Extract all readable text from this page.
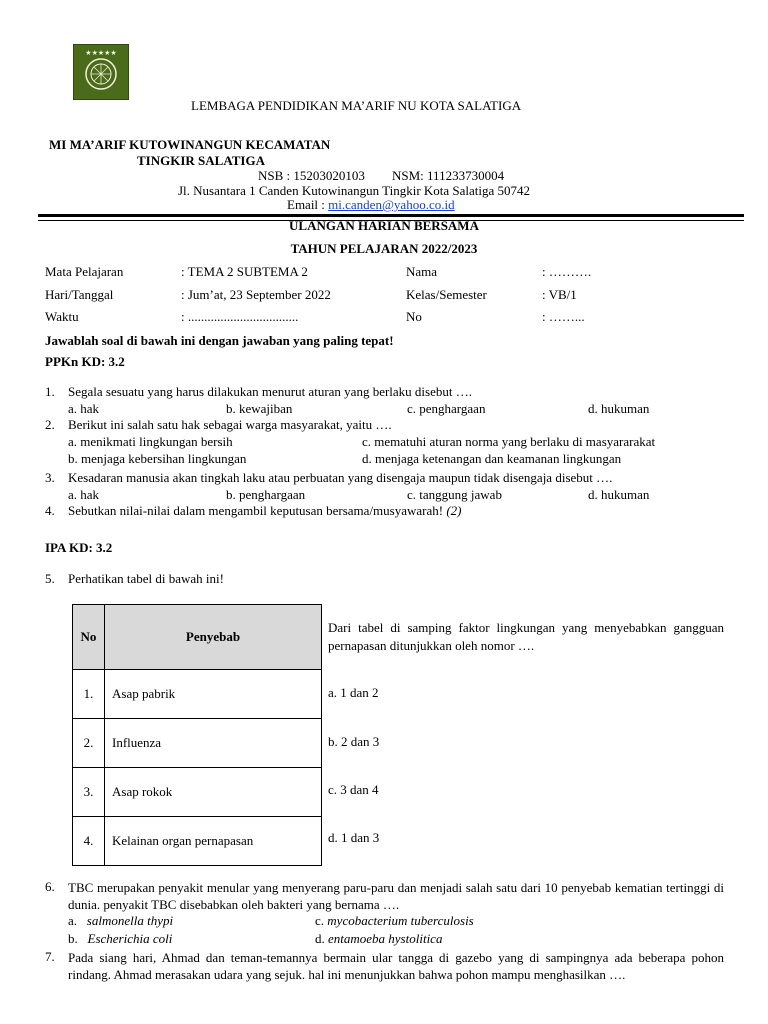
★★★★★
LEMBAGA PENDIDIKAN MA’ARIF NU KOTA SALATIGA
MI MA’ARIF KUTOWINANGUN KECAMATAN
TINGKIR SALATIGA
NSB : 15203020103 NSM: 111233730004
Jl. Nusantara 1 Canden Kutowinangun Tingkir Kota Salatiga 50742
Email : mi.canden@yahoo.co.id
ULANGAN HARIAN BERSAMA
TAHUN PELAJARAN 2022/2023
Mata Pelajaran	: TEMA 2 SUBTEMA 2	Nama	: ……….
Hari/Tanggal	: Jum’at, 23 September 2022	Kelas/Semester	: VB/1
Waktu	: ..................................	No	: ……...
Jawablah soal di bawah ini dengan jawaban yang paling tepat!
PPKn KD: 3.2
1. Segala sesuatu yang harus dilakukan menurut aturan yang berlaku disebut ….
a. hak	b. kewajiban	c. penghargaan	d. hukuman
2. Berikut ini salah satu hak sebagai warga masyarakat, yaitu ….
a. menikmati lingkungan bersih	c. mematuhi aturan norma yang berlaku di masyararakat
b. menjaga kebersihan lingkungan	d. menjaga ketenangan dan keamanan lingkungan
3. Kesadaran manusia akan tingkah laku atau perbuatan yang disengaja maupun tidak disengaja disebut ….
a. hak	b. penghargaan	c. tanggung jawab	d. hukuman
4. Sebutkan nilai-nilai dalam mengambil keputusan bersama/musyawarah! (2)
IPA KD: 3.2
5. Perhatikan tabel di bawah ini!
No	Penyebab
1.	Asap pabrik
2.	Influenza
3.	Asap rokok
4.	Kelainan organ pernapasan
Dari tabel di samping faktor lingkungan yang menyebabkan gangguan pernapasan ditunjukkan oleh nomor ….
a. 1 dan 2
b. 2 dan 3
c. 3 dan 4
d. 1 dan 3
6. TBC merupakan penyakit menular yang menyerang paru-paru dan menjadi salah satu dari 10 penyebab kematian tertinggi di dunia. penyakit TBC disebabkan oleh bakteri yang bernama ….
a. salmonella thypi	c. mycobacterium tuberculosis
b. Escherichia coli	d. entamoeba hystolitica
7. Pada siang hari, Ahmad dan teman-temannya bermain ular tangga di gazebo yang di sampingnya ada beberapa pohon rindang. Ahmad merasakan udara yang sejuk. hal ini menunjukkan bahwa pohon mampu menghasilkan ….
